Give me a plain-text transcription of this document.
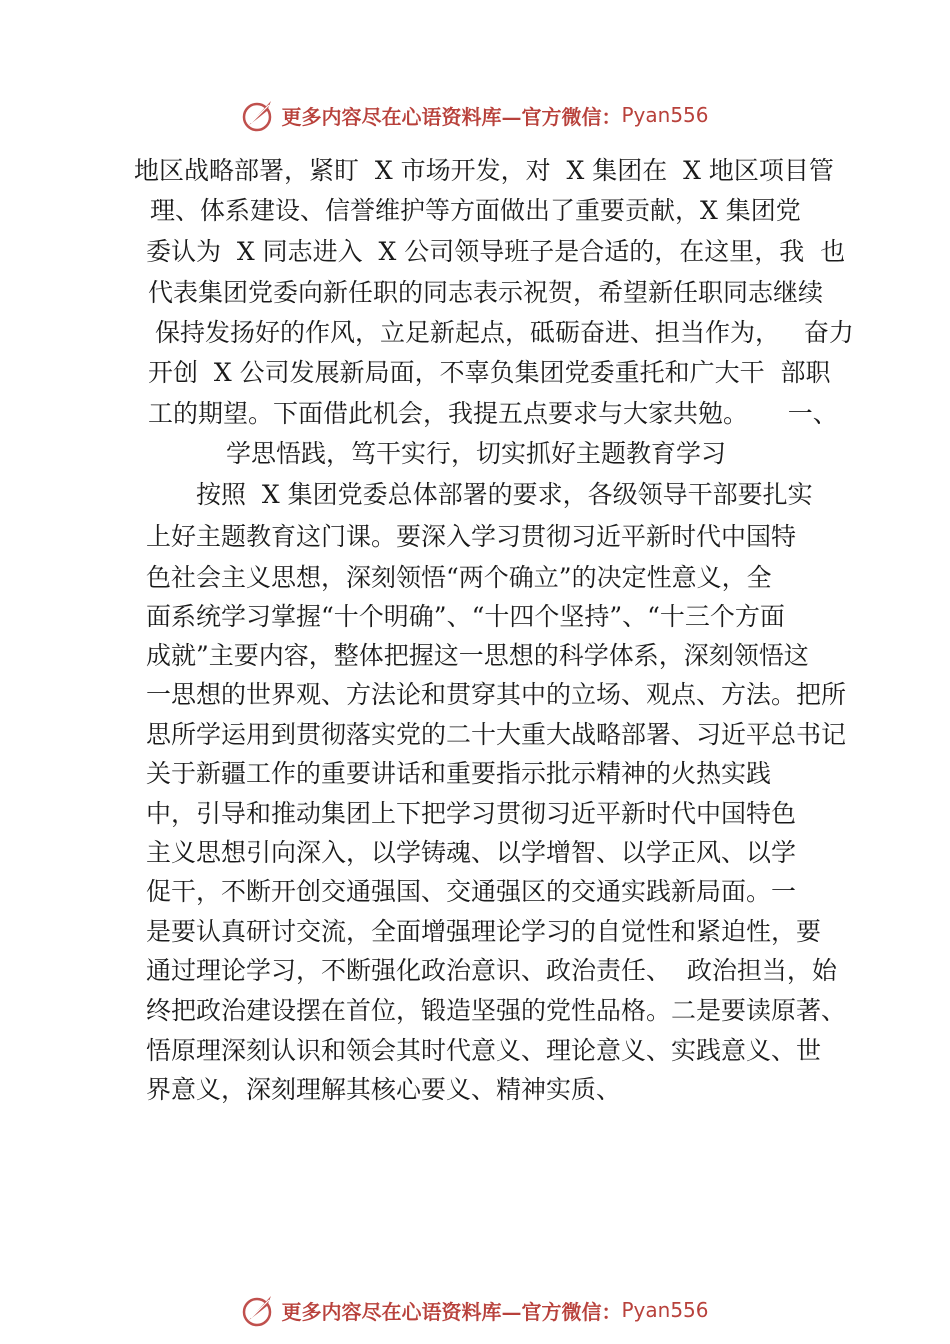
更多内容尽在心语资料库—官方微信： Pyan556
地区战略部署，紧盯  X 市场开发，对  X 集团在  X 地区项目管
理、体系建设、信誉维护等方面做出了重要贡献，X 集团党
委认为  X 同志进入  X 公司领导班子是合适的，在这里，我  也
代表集团党委向新任职的同志表示祝贺，希望新任职同志继续
保持发扬好的作风，立足新起点，砥砺奋进、担当作为，   奋力
开创  X 公司发展新局面，不辜负集团党委重托和广大干  部职
工的期望。下面借此机会，我提五点要求与大家共勉。     一、
学思悟践，笃干实行，切实抓好主题教育学习
按照  X 集团党委总体部署的要求，各级领导干部要扎实
上好主题教育这门课。要深入学习贯彻习近平新时代中国特
色社会主义思想，深刻领悟“两个确立”的决定性意义，全
面系统学习掌握“十个明确”、“十四个坚持”、“十三个方面
成就”主要内容，整体把握这一思想的科学体系，深刻领悟这
一思想的世界观、方法论和贯穿其中的立场、观点、方法。把所
思所学运用到贯彻落实党的二十大重大战略部署、习近平总书记
关于新疆工作的重要讲话和重要指示批示精神的火热实践
中，引导和推动集团上下把学习贯彻习近平新时代中国特色
主义思想引向深入，以学铸魂、以学增智、以学正风、以学
促干，不断开创交通强国、交通强区的交通实践新局面。一
是要认真研讨交流，全面增强理论学习的自觉性和紧迫性，要
通过理论学习，不断强化政治意识、政治责任、  政治担当，始
终把政治建设摆在首位，锻造坚强的党性品格。二是要读原著、
悟原理深刻认识和领会其时代意义、理论意义、实践意义、世
界意义，深刻理解其核心要义、精神实质、
更多内容尽在心语资料库—官方微信： Pyan556
